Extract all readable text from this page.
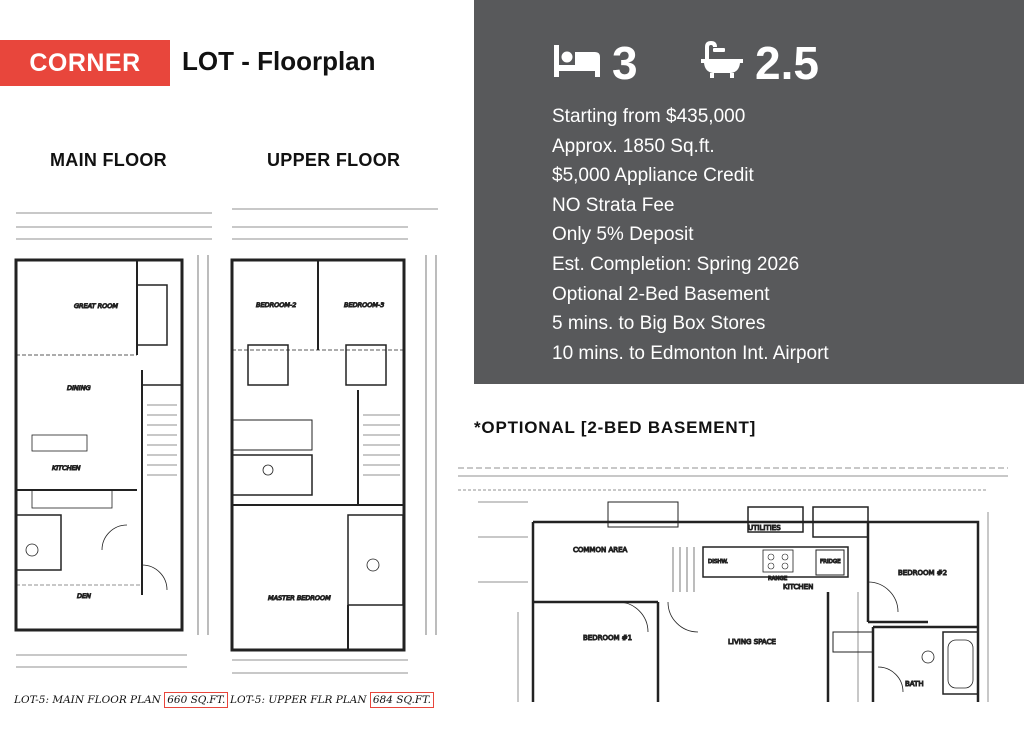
CORNER	LOT - Floorplan
MAIN FLOOR	UPPER FLOOR
GREAT ROOM
DINING
KITCHEN
DEN
LOT-5: MAIN FLOOR PLAN 660 SQ.FT.
BEDROOM-2	BEDROOM-3
MASTER BEDROOM
LOT-5: UPPER FLR PLAN 684 SQ.FT.
3	2.5
Starting from $435,000
Approx. 1850 Sq.ft.
$5,000 Appliance Credit
NO Strata Fee
Only 5% Deposit
Est. Completion: Spring 2026
Optional 2-Bed Basement
5 mins. to Big Box Stores
10 mins. to Edmonton Int. Airport
*OPTIONAL [2-BED BASEMENT]
BEDROOM #1
BEDROOM #2
LIVING SPACE
KITCHEN
COMMON AREA
UTILITIES
BATH
FRIDGE
RANGE
DISHW.
